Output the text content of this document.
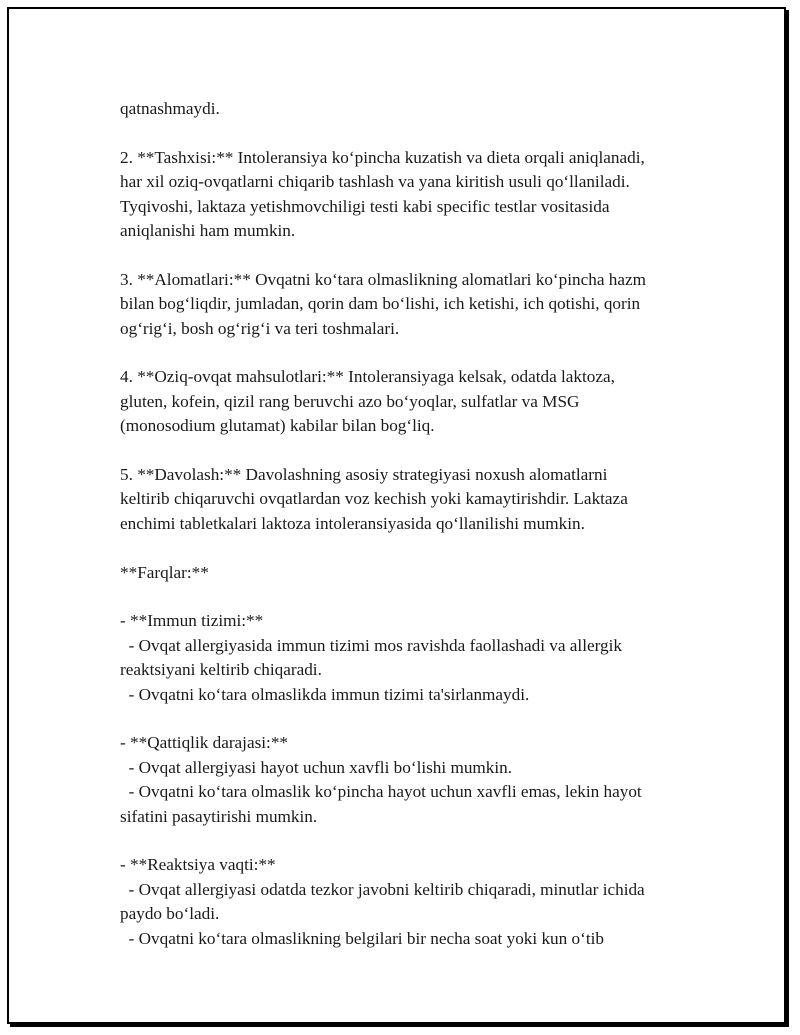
qatnashmaydi.

2. **Tashxisi:** Intoleransiya ko‘pincha kuzatish va dieta orqali aniqlanadi,

har xil oziq-ovqatlarni chiqarib tashlash va yana kiritish usuli qo‘llaniladi.

Tyqivoshi, laktaza yetishmovchiligi testi kabi specific testlar vositasida

aniqlanishi ham mumkin.

3. **Alomatlari:** Ovqatni ko‘tara olmaslikning alomatlari ko‘pincha hazm

bilan bog‘liqdir, jumladan, qorin dam bo‘lishi, ich ketishi, ich qotishi, qorin

og‘rig‘i, bosh og‘rig‘i va teri toshmalari.

4. **Oziq-ovqat mahsulotlari:** Intoleransiyaga kelsak, odatda laktoza,

gluten, kofein, qizil rang beruvchi azo bo‘yoqlar, sulfatlar va MSG

(monosodium glutamat) kabilar bilan bog‘liq.

5. **Davolash:** Davolashning asosiy strategiyasi noxush alomatlarni

keltirib chiqaruvchi ovqatlardan voz kechish yoki kamaytirishdir. Laktaza

enchimi tabletkalari laktoza intoleransiyasida qo‘llanilishi mumkin.

**Farqlar:**

- **Immun tizimi:**

- Ovqat allergiyasida immun tizimi mos ravishda faollashadi va allergik

reaktsiyani keltirib chiqaradi.

- Ovqatni ko‘tara olmaslikda immun tizimi ta'sirlanmaydi.

- **Qattiqlik darajasi:**

- Ovqat allergiyasi hayot uchun xavfli bo‘lishi mumkin.

- Ovqatni ko‘tara olmaslik ko‘pincha hayot uchun xavfli emas, lekin hayot

sifatini pasaytirishi mumkin.

- **Reaktsiya vaqti:**

- Ovqat allergiyasi odatda tezkor javobni keltirib chiqaradi, minutlar ichida

paydo bo‘ladi.

- Ovqatni ko‘tara olmaslikning belgilari bir necha soat yoki kun o‘tib
